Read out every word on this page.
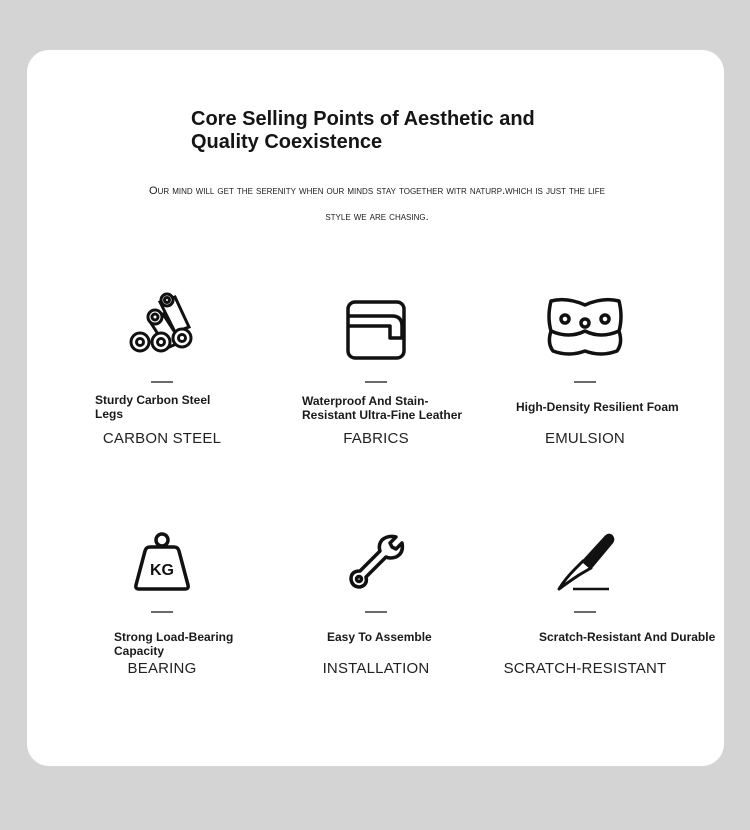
Core Selling Points of Aesthetic and Quality Coexistence

Our mind will get the serenity when our minds stay together witr naturp.which is just the life style we are chasing.

Sturdy Carbon Steel Legs
CARBON STEEL
Waterproof And Stain-Resistant Ultra-Fine Leather
FABRICS
High-Density Resilient Foam
EMULSION
KG
Strong Load-Bearing Capacity
BEARING
Easy To Assemble
INSTALLATION
Scratch-Resistant And Durable
SCRATCH-RESISTANT
